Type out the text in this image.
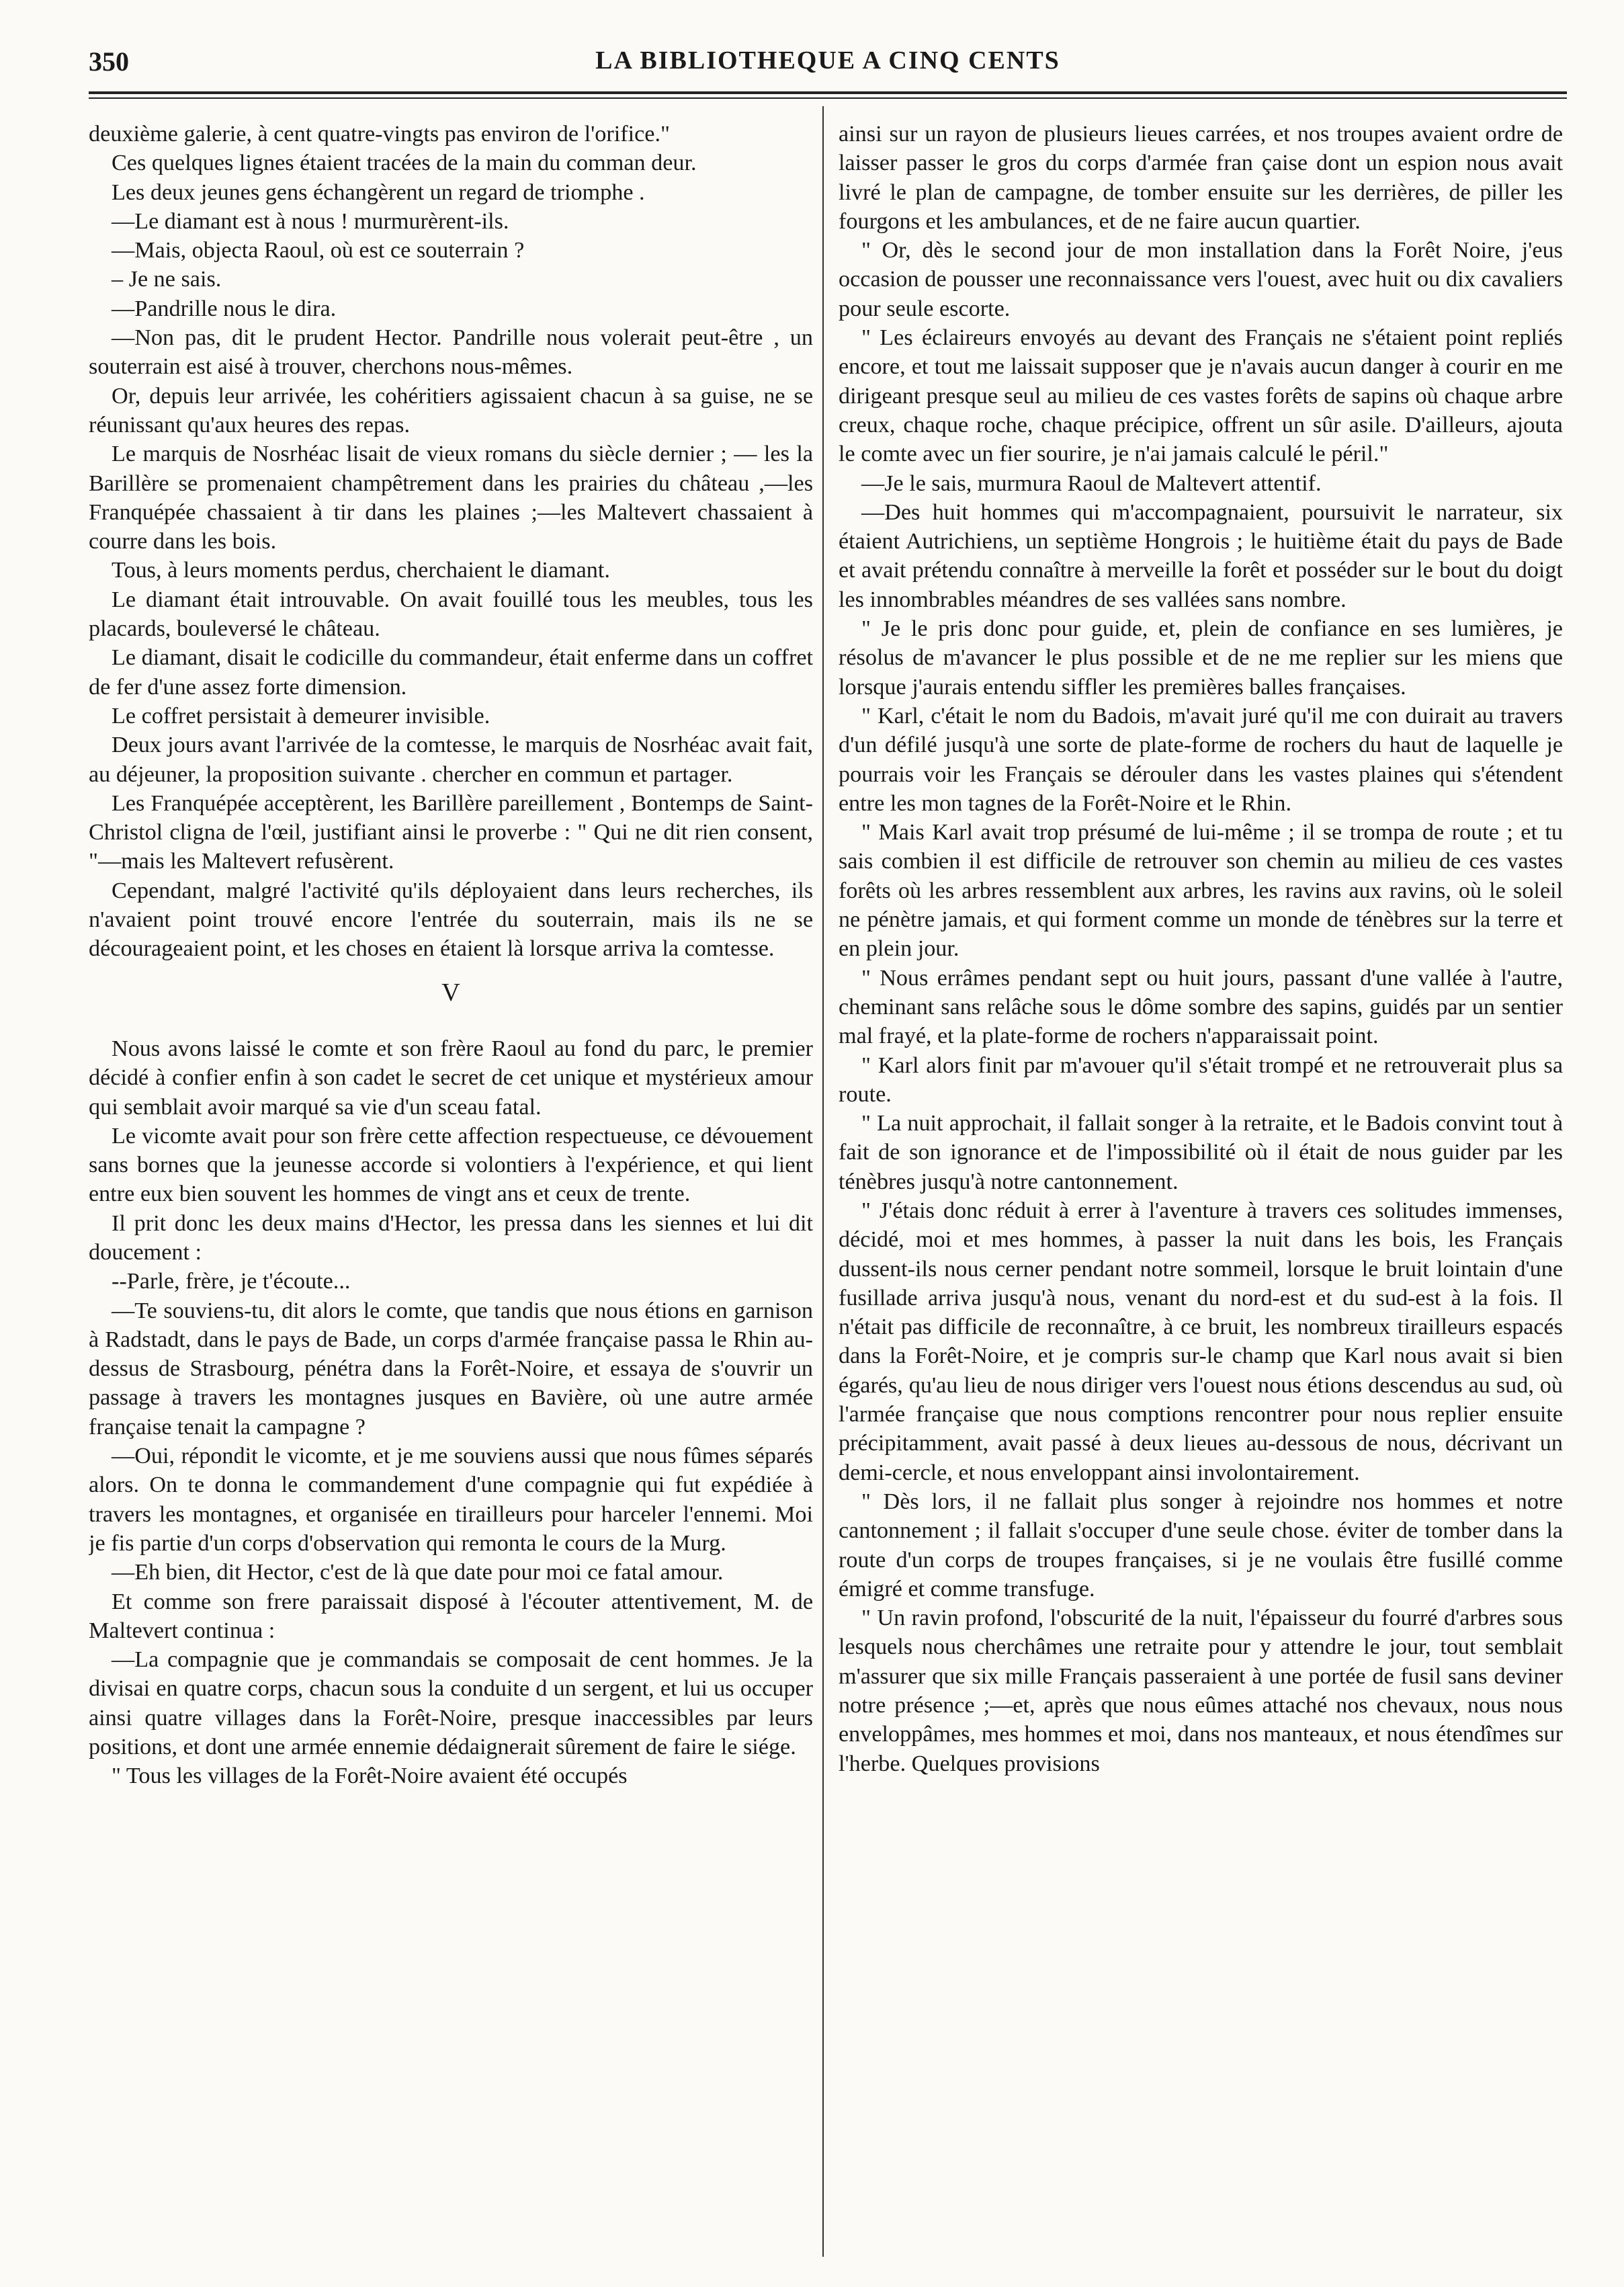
350	LA BIBLIOTHEQUE A CINQ CENTS

deuxième galerie, à cent quatre-vingts pas environ de l'orifice."

Ces quelques lignes étaient tracées de la main du comman deur.

Les deux jeunes gens échangèrent un regard de triomphe .

—Le diamant est à nous ! murmurèrent-ils.

—Mais, objecta Raoul, où est ce souterrain ?

– Je ne sais.

—Pandrille nous le dira.

—Non pas, dit le prudent Hector. Pandrille nous volerait peut-être , un souterrain est aisé à trouver, cherchons nous-mêmes.

Or, depuis leur arrivée, les cohéritiers agissaient chacun à sa guise, ne se réunissant qu'aux heures des repas.

Le marquis de Nosrhéac lisait de vieux romans du siècle dernier ; — les la Barillère se promenaient champêtrement dans les prairies du château ,—les Franquépée chassaient à tir dans les plaines ;—les Maltevert chassaient à courre dans les bois.

Tous, à leurs moments perdus, cherchaient le diamant.

Le diamant était introuvable. On avait fouillé tous les meubles, tous les placards, bouleversé le château.

Le diamant, disait le codicille du commandeur, était enferme dans un coffret de fer d'une assez forte dimension.

Le coffret persistait à demeurer invisible.

Deux jours avant l'arrivée de la comtesse, le marquis de Nosrhéac avait fait, au déjeuner, la proposition suivante . chercher en commun et partager.

Les Franquépée acceptèrent, les Barillère pareillement , Bontemps de Saint-Christol cligna de l'œil, justifiant ainsi le proverbe : " Qui ne dit rien consent, "—mais les Maltevert refusèrent.

Cependant, malgré l'activité qu'ils déployaient dans leurs recherches, ils n'avaient point trouvé encore l'entrée du souterrain, mais ils ne se décourageaient point, et les choses en étaient là lorsque arriva la comtesse.

V

Nous avons laissé le comte et son frère Raoul au fond du parc, le premier décidé à confier enfin à son cadet le secret de cet unique et mystérieux amour qui semblait avoir marqué sa vie d'un sceau fatal.

Le vicomte avait pour son frère cette affection respectueuse, ce dévouement sans bornes que la jeunesse accorde si volontiers à l'expérience, et qui lient entre eux bien souvent les hommes de vingt ans et ceux de trente.

Il prit donc les deux mains d'Hector, les pressa dans les siennes et lui dit doucement :

--Parle, frère, je t'écoute...

—Te souviens-tu, dit alors le comte, que tandis que nous étions en garnison à Radstadt, dans le pays de Bade, un corps d'armée française passa le Rhin au-dessus de Strasbourg, pénétra dans la Forêt-Noire, et essaya de s'ouvrir un passage à travers les montagnes jusques en Bavière, où une autre armée française tenait la campagne ?

—Oui, répondit le vicomte, et je me souviens aussi que nous fûmes séparés alors. On te donna le commandement d'une compagnie qui fut expédiée à travers les montagnes, et organisée en tirailleurs pour harceler l'ennemi. Moi je fis partie d'un corps d'observation qui remonta le cours de la Murg.

—Eh bien, dit Hector, c'est de là que date pour moi ce fatal amour.

Et comme son frere paraissait disposé à l'écouter attentivement, M. de Maltevert continua :

—La compagnie que je commandais se composait de cent hommes. Je la divisai en quatre corps, chacun sous la conduite d un sergent, et lui us occuper ainsi quatre villages dans la Forêt-Noire, presque inaccessibles par leurs positions, et dont une armée ennemie dédaignerait sûrement de faire le siége.

" Tous les villages de la Forêt-Noire avaient été occupés

ainsi sur un rayon de plusieurs lieues carrées, et nos troupes avaient ordre de laisser passer le gros du corps d'armée fran çaise dont un espion nous avait livré le plan de campagne, de tomber ensuite sur les derrières, de piller les fourgons et les ambulances, et de ne faire aucun quartier.

" Or, dès le second jour de mon installation dans la Forêt Noire, j'eus occasion de pousser une reconnaissance vers l'ouest, avec huit ou dix cavaliers pour seule escorte.

" Les éclaireurs envoyés au devant des Français ne s'étaient point repliés encore, et tout me laissait supposer que je n'avais aucun danger à courir en me dirigeant presque seul au milieu de ces vastes forêts de sapins où chaque arbre creux, chaque roche, chaque précipice, offrent un sûr asile. D'ailleurs, ajouta le comte avec un fier sourire, je n'ai jamais calculé le péril."

—Je le sais, murmura Raoul de Maltevert attentif.

—Des huit hommes qui m'accompagnaient, poursuivit le narrateur, six étaient Autrichiens, un septième Hongrois ; le huitième était du pays de Bade et avait prétendu connaître à merveille la forêt et posséder sur le bout du doigt les innombrables méandres de ses vallées sans nombre.

" Je le pris donc pour guide, et, plein de confiance en ses lumières, je résolus de m'avancer le plus possible et de ne me replier sur les miens que lorsque j'aurais entendu siffler les premières balles françaises.

" Karl, c'était le nom du Badois, m'avait juré qu'il me con duirait au travers d'un défilé jusqu'à une sorte de plate-forme de rochers du haut de laquelle je pourrais voir les Français se dérouler dans les vastes plaines qui s'étendent entre les mon tagnes de la Forêt-Noire et le Rhin.

" Mais Karl avait trop présumé de lui-même ; il se trompa de route ; et tu sais combien il est difficile de retrouver son chemin au milieu de ces vastes forêts où les arbres ressemblent aux arbres, les ravins aux ravins, où le soleil ne pénètre jamais, et qui forment comme un monde de ténèbres sur la terre et en plein jour.

" Nous errâmes pendant sept ou huit jours, passant d'une vallée à l'autre, cheminant sans relâche sous le dôme sombre des sapins, guidés par un sentier mal frayé, et la plate-forme de rochers n'apparaissait point.

" Karl alors finit par m'avouer qu'il s'était trompé et ne retrouverait plus sa route.

" La nuit approchait, il fallait songer à la retraite, et le Badois convint tout à fait de son ignorance et de l'impossibilité où il était de nous guider par les ténèbres jusqu'à notre cantonnement.

" J'étais donc réduit à errer à l'aventure à travers ces solitudes immenses, décidé, moi et mes hommes, à passer la nuit dans les bois, les Français dussent-ils nous cerner pendant notre sommeil, lorsque le bruit lointain d'une fusillade arriva jusqu'à nous, venant du nord-est et du sud-est à la fois. Il n'était pas difficile de reconnaître, à ce bruit, les nombreux tirailleurs espacés dans la Forêt-Noire, et je compris sur-le champ que Karl nous avait si bien égarés, qu'au lieu de nous diriger vers l'ouest nous étions descendus au sud, où l'armée française que nous comptions rencontrer pour nous replier ensuite précipitamment, avait passé à deux lieues au-dessous de nous, décrivant un demi-cercle, et nous enveloppant ainsi involontairement.

" Dès lors, il ne fallait plus songer à rejoindre nos hommes et notre cantonnement ; il fallait s'occuper d'une seule chose. éviter de tomber dans la route d'un corps de troupes françaises, si je ne voulais être fusillé comme émigré et comme transfuge.

" Un ravin profond, l'obscurité de la nuit, l'épaisseur du fourré d'arbres sous lesquels nous cherchâmes une retraite pour y attendre le jour, tout semblait m'assurer que six mille Français passeraient à une portée de fusil sans deviner notre présence ;—et, après que nous eûmes attaché nos chevaux, nous nous enveloppâmes, mes hommes et moi, dans nos manteaux, et nous étendîmes sur l'herbe. Quelques provisions
